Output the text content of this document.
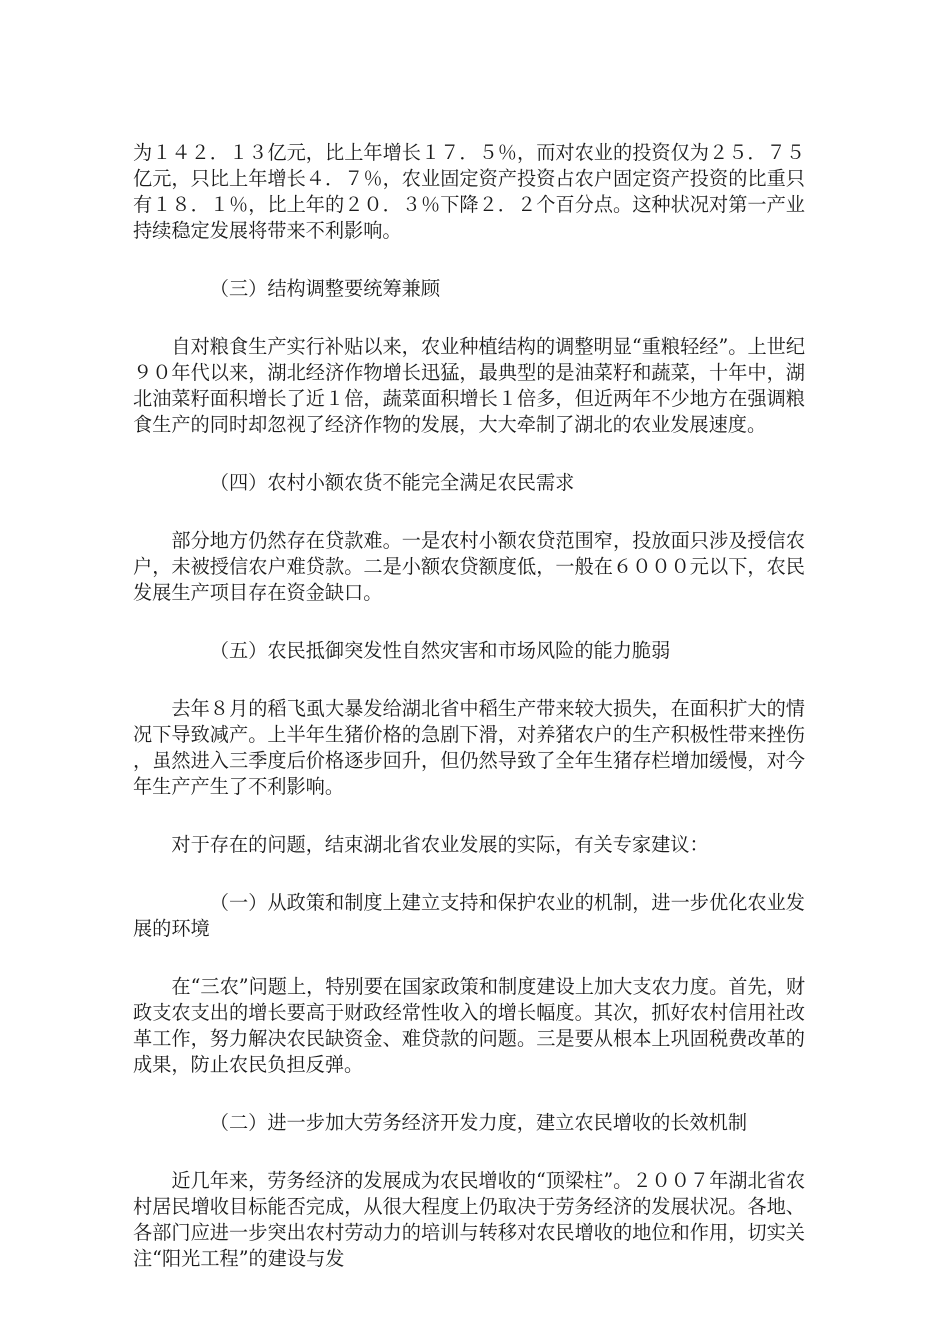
为１４２．１３亿元，比上年增长１７．５％，而对农业的投资仅为２５．７５亿元，只比上年增长４．７％，农业固定资产投资占农户固定资产投资的比重只有１８．１％，比上年的２０．３％下降２．２个百分点。这种状况对第一产业持续稳定发展将带来不利影响。

（三）结构调整要统筹兼顾

自对粮食生产实行补贴以来，农业种植结构的调整明显“重粮轻经”。上世纪９０年代以来，湖北经济作物增长迅猛，最典型的是油菜籽和蔬菜，十年中，湖北油菜籽面积增长了近１倍，蔬菜面积增长１倍多，但近两年不少地方在强调粮食生产的同时却忽视了经济作物的发展，大大牵制了湖北的农业发展速度。

（四）农村小额农货不能完全满足农民需求

部分地方仍然存在贷款难。一是农村小额农贷范围窄，投放面只涉及授信农户，未被授信农户难贷款。二是小额农贷额度低，一般在６０００元以下，农民发展生产项目存在资金缺口。

（五）农民抵御突发性自然灾害和市场风险的能力脆弱

去年８月的稻飞虱大暴发给湖北省中稻生产带来较大损失，在面积扩大的情况下导致减产。上半年生猪价格的急剧下滑，对养猪农户的生产积极性带来挫伤，虽然进入三季度后价格逐步回升，但仍然导致了全年生猪存栏增加缓慢，对今年生产产生了不利影响。

对于存在的问题，结束湖北省农业发展的实际，有关专家建议：

（一）从政策和制度上建立支持和保护农业的机制，进一步优化农业发展的环境

在“三农”问题上，特别要在国家政策和制度建设上加大支农力度。首先，财政支农支出的增长要高于财政经常性收入的增长幅度。其次，抓好农村信用社改革工作，努力解决农民缺资金、难贷款的问题。三是要从根本上巩固税费改革的成果，防止农民负担反弹。

（二）进一步加大劳务经济开发力度，建立农民增收的长效机制

近几年来，劳务经济的发展成为农民增收的“顶梁柱”。２００７年湖北省农村居民增收目标能否完成，从很大程度上仍取决于劳务经济的发展状况。各地、各部门应进一步突出农村劳动力的培训与转移对农民增收的地位和作用，切实关注“阳光工程”的建设与发
